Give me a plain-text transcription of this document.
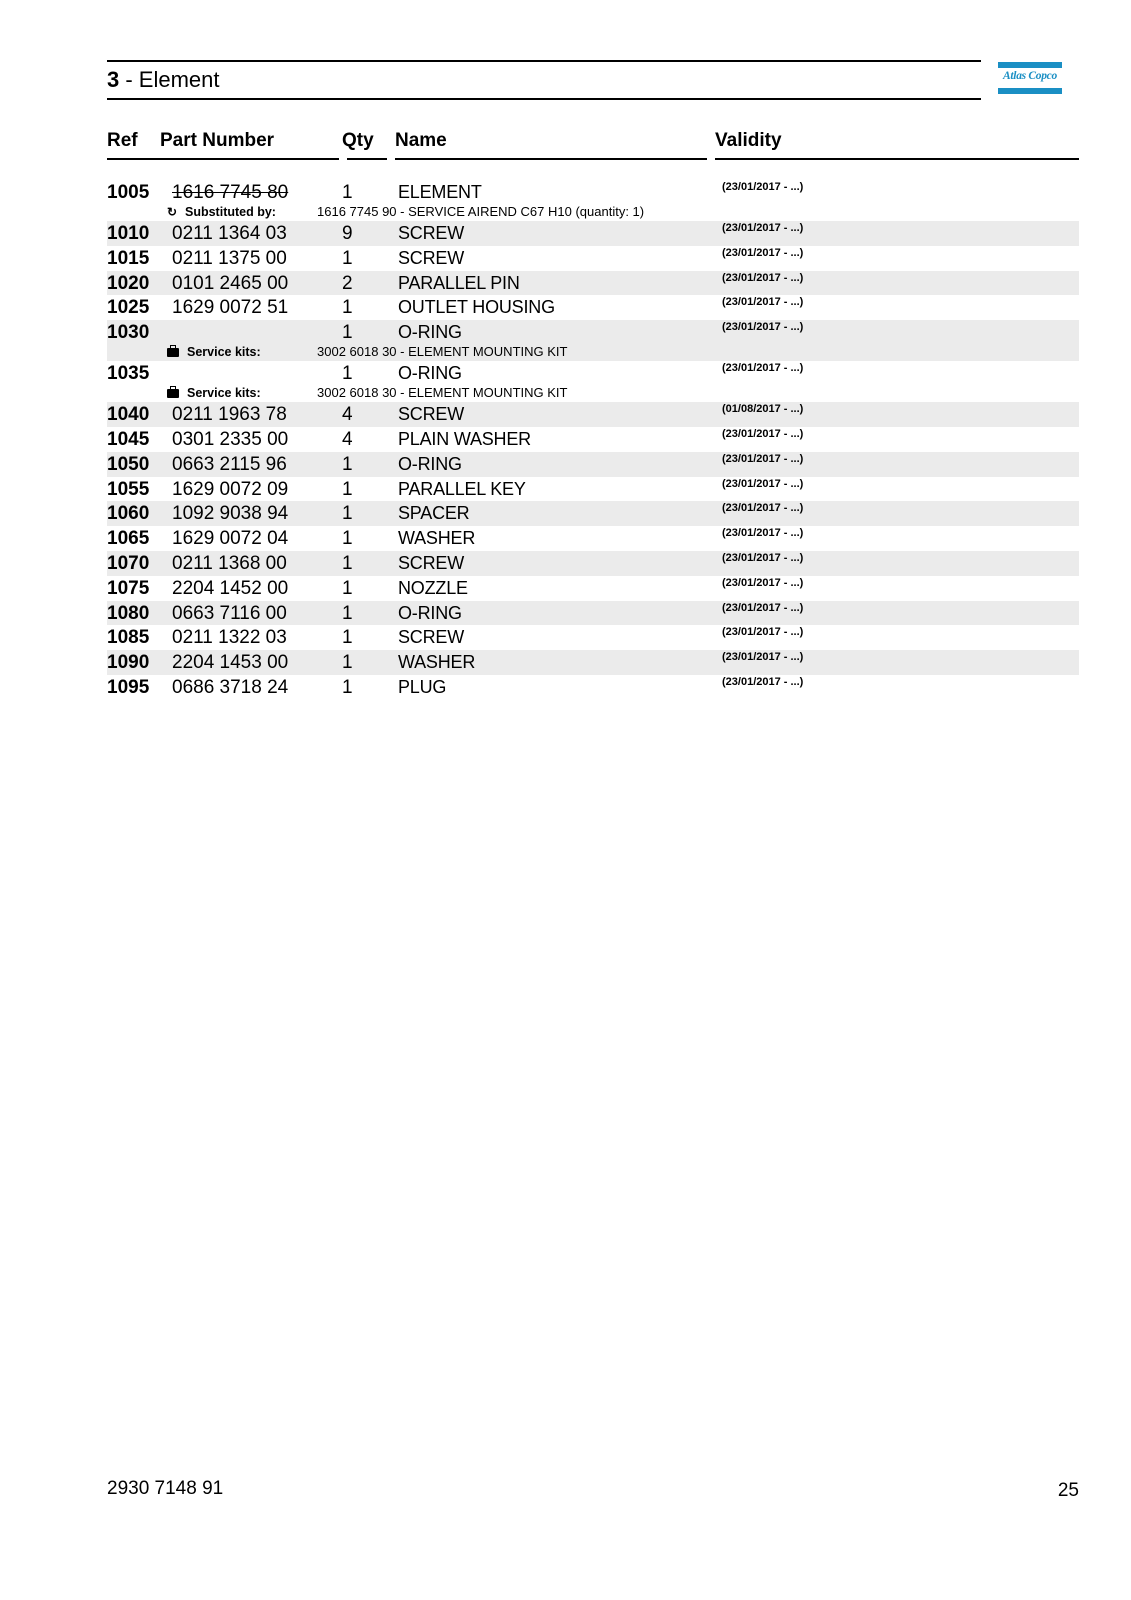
3 - Element	Atlas Copco
Ref Part Number	Qty Name	Validity
1005 1616 7745 80	1	ELEMENT	(23/01/2017 - ...)
↻ Substituted by:	1616 7745 90 - SERVICE AIREND C67 H10 (quantity: 1)
1010 0211 1364 03	9	SCREW	(23/01/2017 - ...)
1015 0211 1375 00	1	SCREW	(23/01/2017 - ...)
1020 0101 2465 00	2	PARALLEL PIN	(23/01/2017 - ...)
1025 1629 0072 51	1	OUTLET HOUSING	(23/01/2017 - ...)
1030	1	O-RING	(23/01/2017 - ...)
Service kits:	3002 6018 30 - ELEMENT MOUNTING KIT
1035	1	O-RING	(23/01/2017 - ...)
Service kits:	3002 6018 30 - ELEMENT MOUNTING KIT
1040 0211 1963 78	4	SCREW	(01/08/2017 - ...)
1045 0301 2335 00	4	PLAIN WASHER	(23/01/2017 - ...)
1050 0663 2115 96	1	O-RING	(23/01/2017 - ...)
1055 1629 0072 09	1	PARALLEL KEY	(23/01/2017 - ...)
1060 1092 9038 94	1	SPACER	(23/01/2017 - ...)
1065 1629 0072 04	1	WASHER	(23/01/2017 - ...)
1070 0211 1368 00	1	SCREW	(23/01/2017 - ...)
1075 2204 1452 00	1	NOZZLE	(23/01/2017 - ...)
1080 0663 7116 00	1	O-RING	(23/01/2017 - ...)
1085 0211 1322 03	1	SCREW	(23/01/2017 - ...)
1090 2204 1453 00	1	WASHER	(23/01/2017 - ...)
1095 0686 3718 24	1	PLUG	(23/01/2017 - ...)
2930 7148 91	25
